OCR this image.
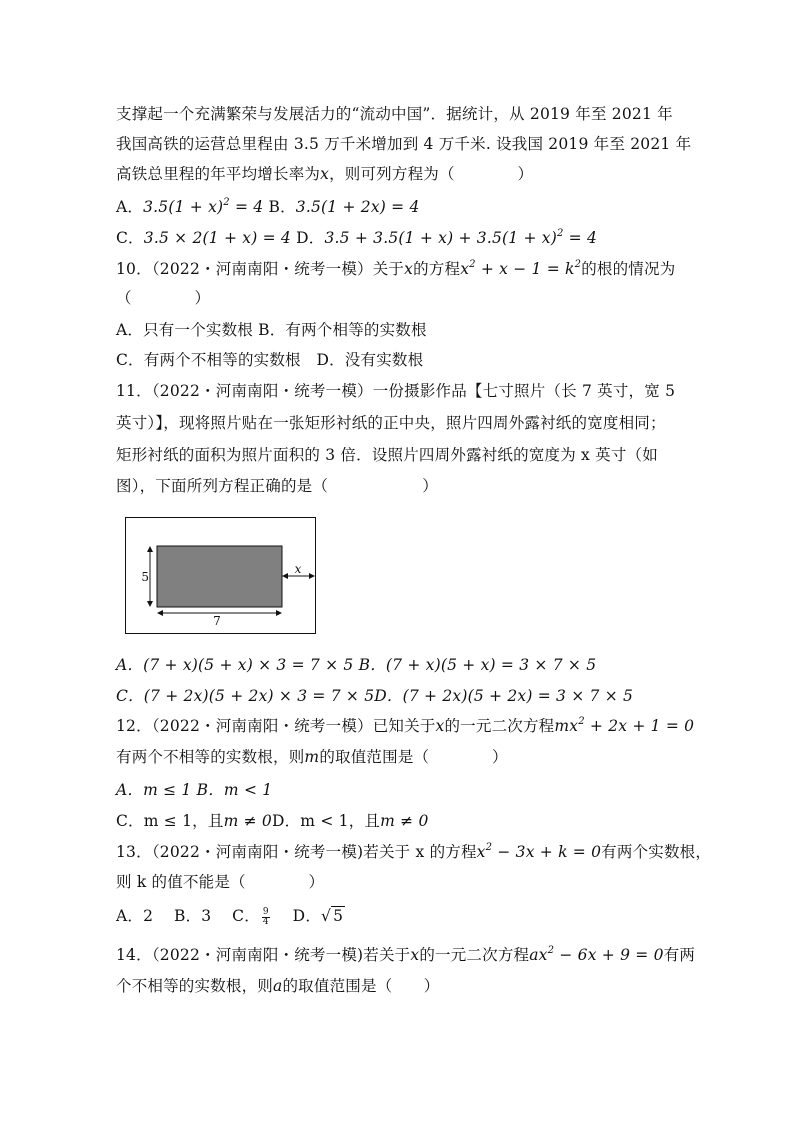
支撑起一个充满繁荣与发展活力的“流动中国”．据统计，从 2019 年至 2021 年
我国高铁的运营总里程由 3.5 万千米增加到 4 万千米. 设我国 2019 年至 2021 年
高铁总里程的年平均增长率为x，则可列方程为（　　　　）
A．$3.5(1 + x)^2 = 4$ B．3.5(1 + 2x) = 4
C．3.5 × 2(1 + x) = 4 D．$3.5 + 3.5(1 + x) + 3.5(1 + x)^2 = 4$
10．（2022・河南南阳・统考一模）关于x的方程$x^2 + x - 1 = k^2$的根的情况为
（　　　　）
A．只有一个实数根 B．有两个相等的实数根
C．有两个不相等的实数根　D．没有实数根
11．（2022・河南南阳・统考一模）一份摄影作品【七寸照片（长 7 英寸，宽 5
英寸）】，现将照片贴在一张矩形衬纸的正中央，照片四周外露衬纸的宽度相同；
矩形衬纸的面积为照片面积的 3 倍．设照片四周外露衬纸的宽度为 x 英寸（如
图），下面所列方程正确的是（　　　　　　）
5
7
x
A．(7 + x)(5 + x) × 3 = 7 × 5 B．(7 + x)(5 + x) = 3 × 7 × 5
C．(7 + 2x)(5 + 2x) × 3 = 7 × 5D．(7 + 2x)(5 + 2x) = 3 × 7 × 5
12．（2022・河南南阳・统考一模）已知关于x的一元二次方程$mx^2 + 2x + 1 = 0$
有两个不相等的实数根，则m的取值范围是（　　　　）
A．m ≤ 1 B．m < 1
C．m ≤ 1，且m ≠ 0D．m < 1，且m ≠ 0
13．（2022・河南南阳・统考一模)若关于 x 的方程$x^2 - 3x + k = 0$有两个实数根，
则 k 的值不能是（　　　　）
A．2　 B．3　 C． $\frac{9}{4}$ 　 D．√ 5
14．（2022・河南南阳・统考一模)若关于x的一元二次方程$ax^2 - 6x + 9 = 0$有两
个不相等的实数根，则a的取值范围是（　　）
